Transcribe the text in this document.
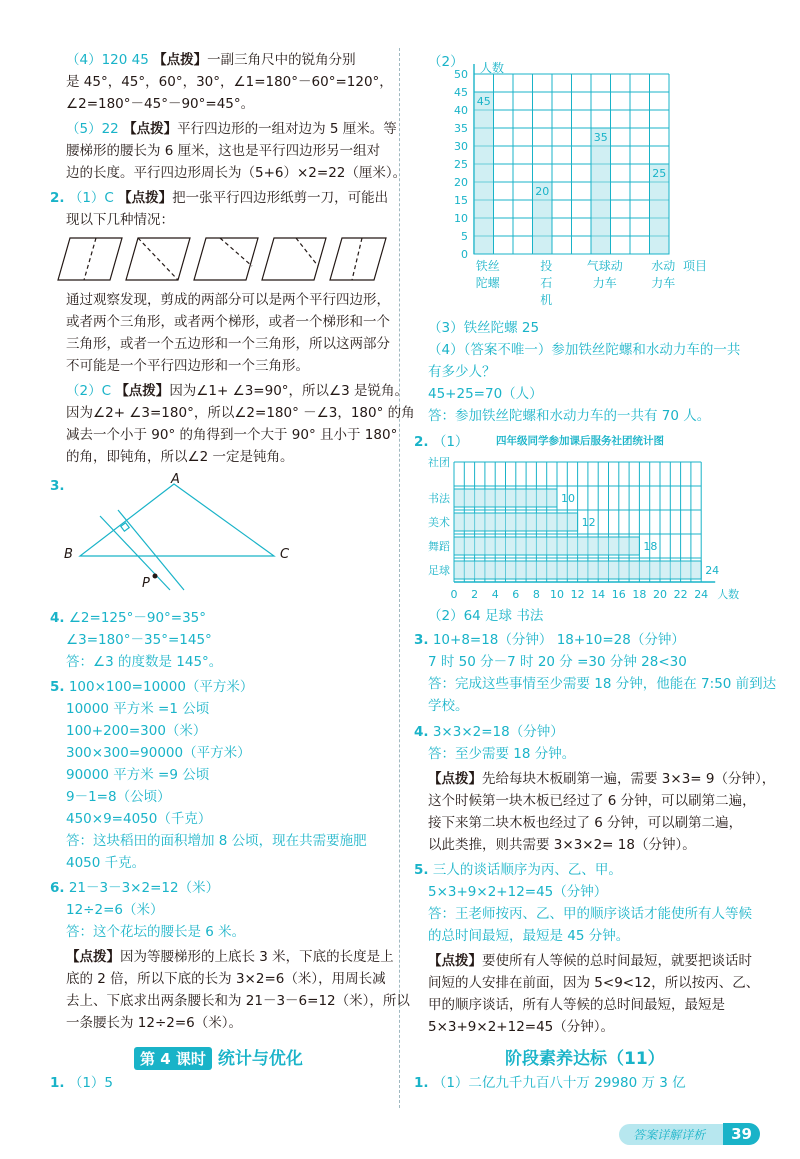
（4）120 45 【点拨】一副三角尺中的锐角分别
是 45°，45°，60°，30°，∠1=180°－60°=120°，
∠2=180°－45°－90°=45°。
（5）22 【点拨】平行四边形的一组对边为 5 厘米。等
腰梯形的腰长为 6 厘米，这也是平行四边形另一组对
边的长度。平行四边形周长为（5+6）×2=22（厘米）。
2. （1）C 【点拨】把一张平行四边形纸剪一刀，可能出
现以下几种情况：
通过观察发现，剪成的两部分可以是两个平行四边形，
或者两个三角形，或者两个梯形，或者一个梯形和一个
三角形，或者一个五边形和一个三角形，所以这两部分
不可能是一个平行四边形和一个三角形。
（2）C 【点拨】因为∠1+ ∠3=90°，所以∠3 是锐角。
因为∠2+ ∠3=180°，所以∠2=180° －∠3，180° 的角
减去一个小于 90° 的角得到一个大于 90° 且小于 180°
的角，即钝角，所以∠2 一定是钝角。
3.	A
B	C
P
4. ∠2=125°－90°=35°
∠3=180°－35°=145°
答：∠3 的度数是 145°。
5. 100×100=10000（平方米）
10000 平方米 =1 公顷
100+200=300（米）
300×300=90000（平方米）
90000 平方米 =9 公顷
9－1=8（公顷）
450×9=4050（千克）
答：这块稻田的面积增加 8 公顷，现在共需要施肥
4050 千克。
6. 21－3－3×2=12（米）
12÷2=6（米）
答：这个花坛的腰长是 6 米。
【点拨】因为等腰梯形的上底长 3 米，下底的长度是上
底的 2 倍，所以下底的长为 3×2=6（米），用周长减
去上、下底求出两条腰长和为 21－3－6=12（米），所以
一条腰长为 12÷2=6（米）。
第 4 课时 统计与优化
1. （1）5
（2） 人数
0
5
10
15
20
25
30
35
40
45
50
45
铁丝
陀螺
20
投
石
机
35
气球动
力车
25
水动
力车
项目
（3）铁丝陀螺 25
（4）（答案不唯一）参加铁丝陀螺和水动力车的一共
有多少人？
45+25=70（人）
答：参加铁丝陀螺和水动力车的一共有 70 人。
2. （1）	四年级同学参加课后服务社团统计图
人数
社团
0 2 4 6 8 10 12 14 16 18 20 22 24
书法	10
美术	12
舞蹈	18
足球	24
（2）64 足球 书法
3. 10+8=18（分钟） 18+10=28（分钟）
7 时 50 分－7 时 20 分 =30 分钟 28<30
答：完成这些事情至少需要 18 分钟，他能在 7:50 前到达
学校。
4. 3×3×2=18（分钟）
答：至少需要 18 分钟。
【点拨】先给每块木板刷第一遍，需要 3×3= 9（分钟），
这个时候第一块木板已经过了 6 分钟，可以刷第二遍，
接下来第二块木板也经过了 6 分钟，可以刷第二遍，
以此类推，则共需要 3×3×2= 18（分钟）。
5. 三人的谈话顺序为丙、乙、甲。
5×3+9×2+12=45（分钟）
答：王老师按丙、乙、甲的顺序谈话才能使所有人等候
的总时间最短，最短是 45 分钟。
【点拨】要使所有人等候的总时间最短，就要把谈话时
间短的人安排在前面，因为 5<9<12，所以按丙、乙、
甲的顺序谈话，所有人等候的总时间最短，最短是
5×3+9×2+12=45（分钟）。
阶段素养达标（11）
1. （1）二亿九千九百八十万 29980 万 3 亿
答案详解详析	39
